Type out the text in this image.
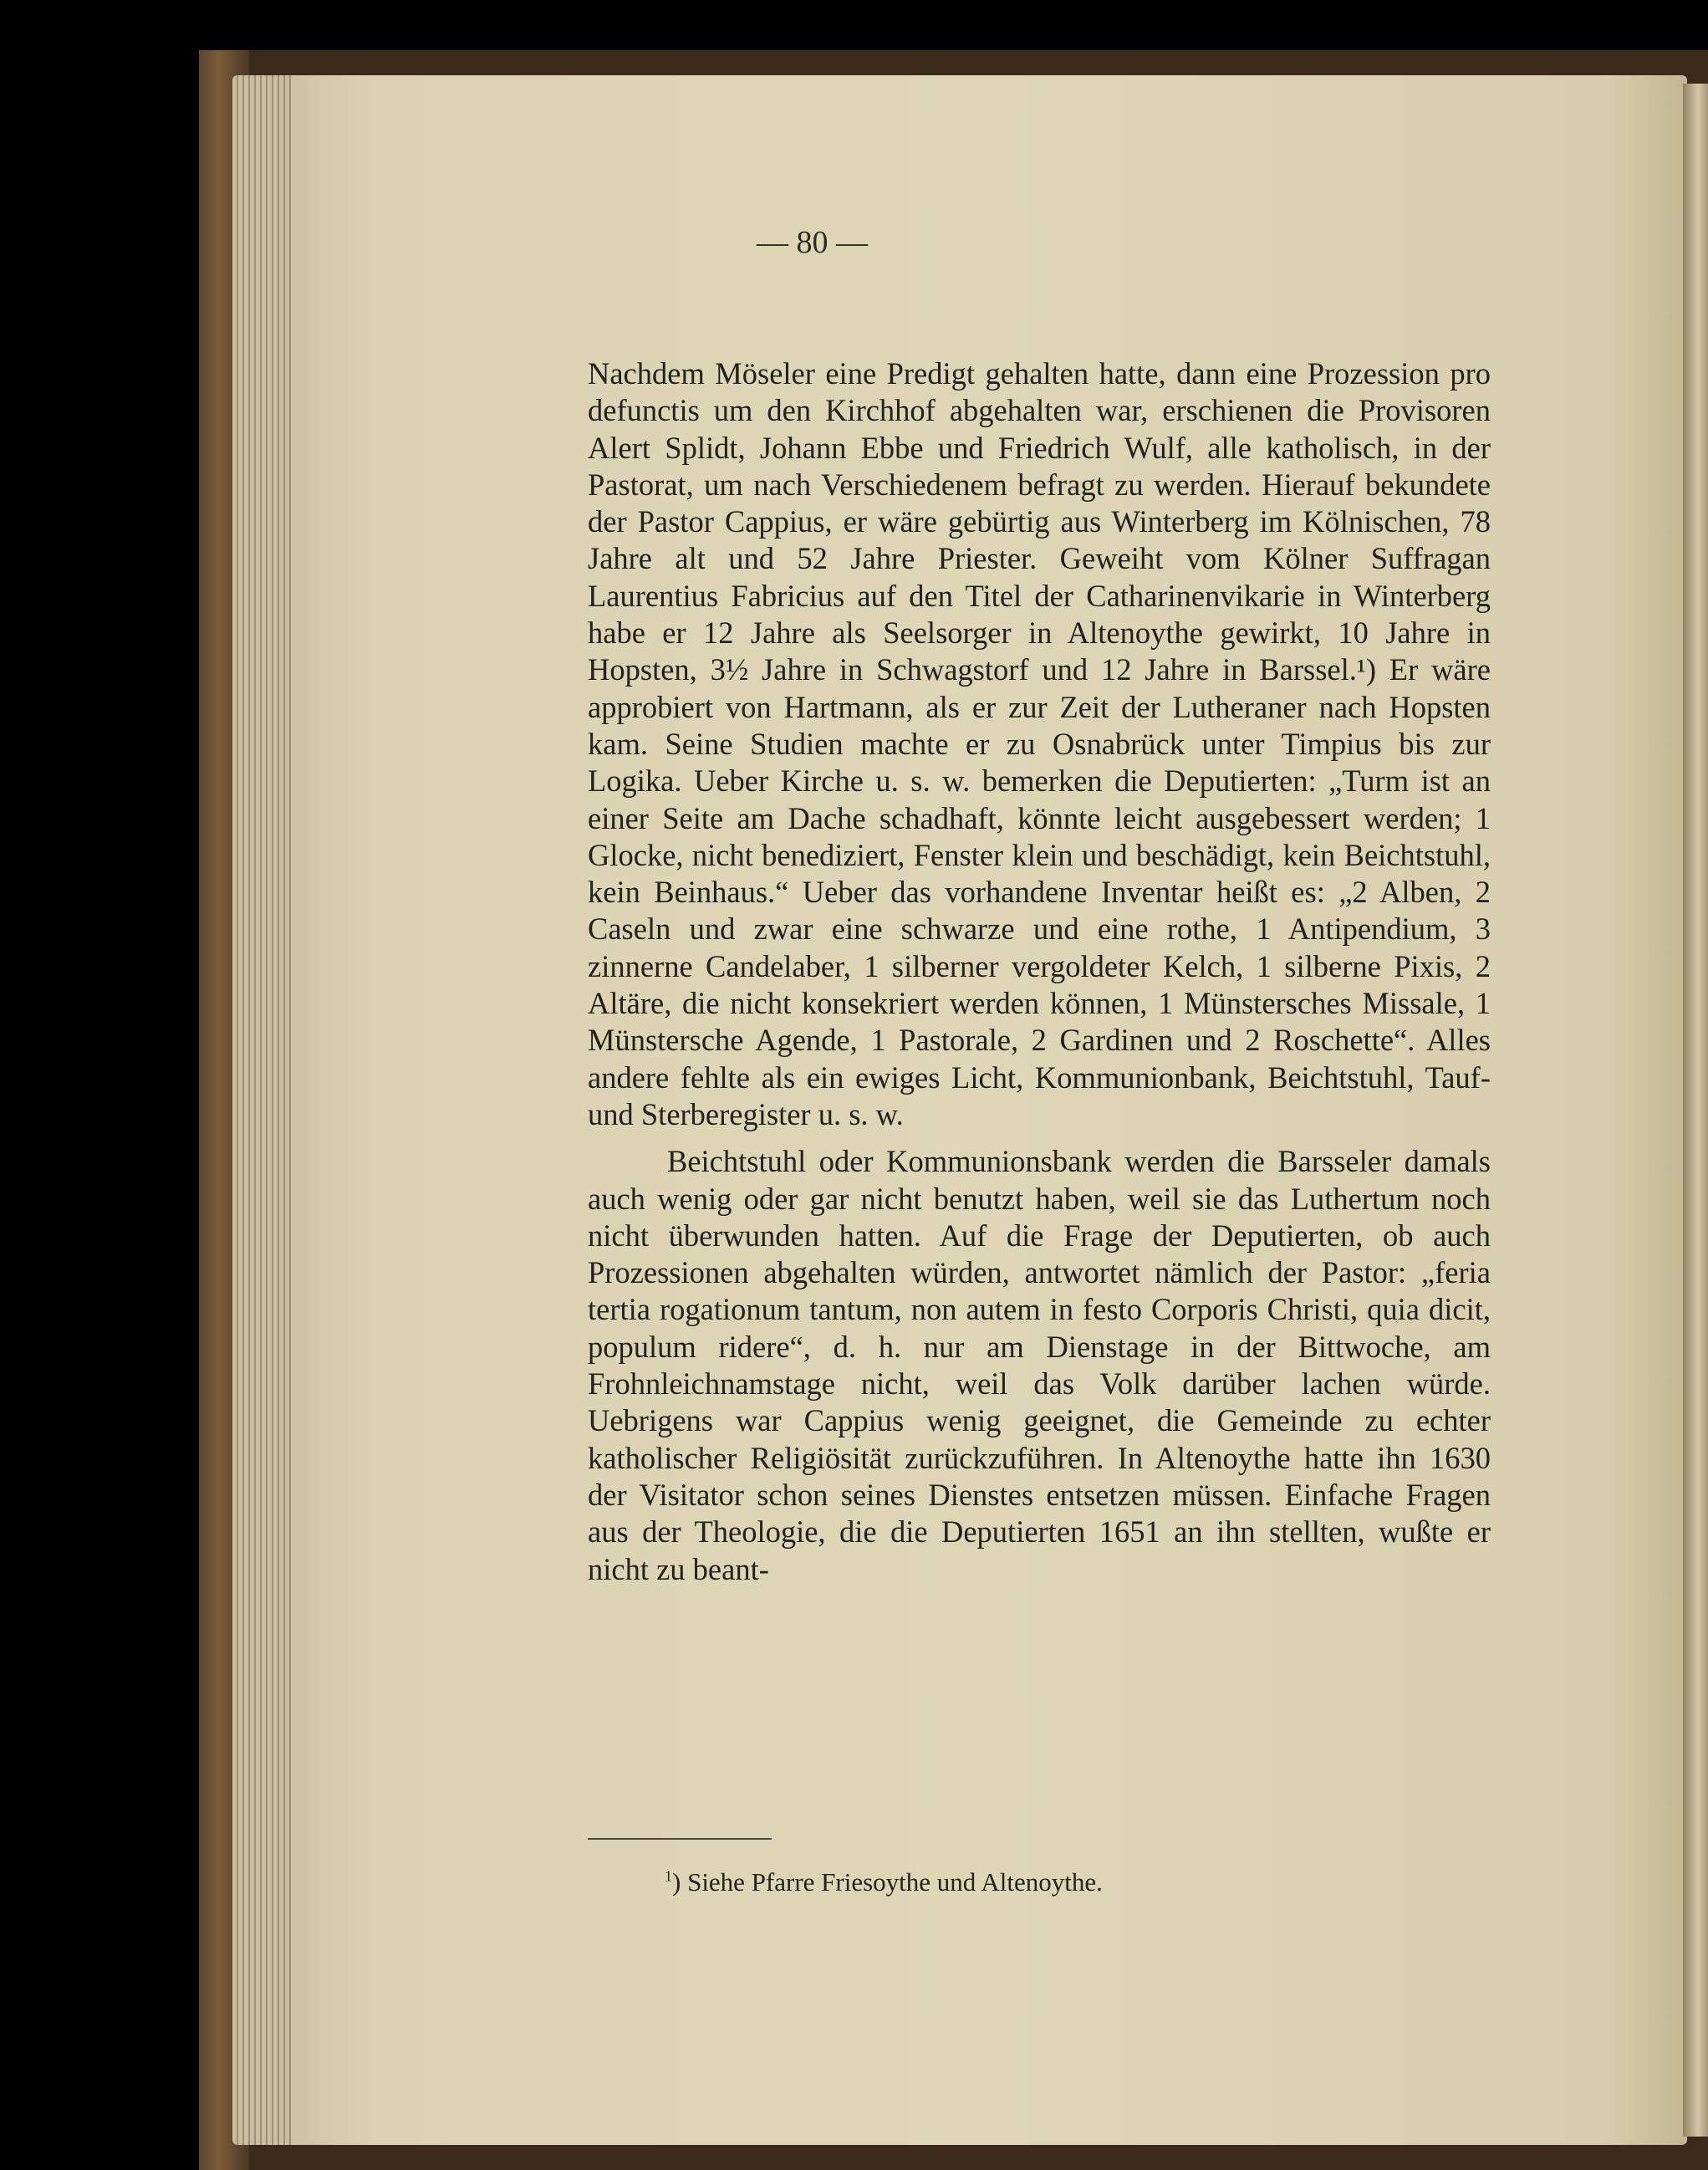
— 80 —

Nachdem Möseler eine Predigt gehalten hatte, dann eine Prozession pro defunctis um den Kirchhof abgehalten war, erschienen die Provisoren Alert Splidt, Johann Ebbe und Friedrich Wulf, alle katholisch, in der Pastorat, um nach Verschiedenem befragt zu werden. Hierauf bekundete der Pastor Cappius, er wäre gebürtig aus Winterberg im Kölnischen, 78 Jahre alt und 52 Jahre Priester. Geweiht vom Kölner Suffragan Laurentius Fabricius auf den Titel der Catharinenvikarie in Winterberg habe er 12 Jahre als Seelsorger in Altenoythe gewirkt, 10 Jahre in Hopsten, 3½ Jahre in Schwagstorf und 12 Jahre in Barssel.¹) Er wäre approbiert von Hartmann, als er zur Zeit der Lutheraner nach Hopsten kam. Seine Studien machte er zu Osnabrück unter Timpius bis zur Logika. Ueber Kirche u. s. w. bemerken die Deputierten: „Turm ist an einer Seite am Dache schadhaft, könnte leicht ausgebessert werden; 1 Glocke, nicht benediziert, Fenster klein und beschädigt, kein Beichtstuhl, kein Beinhaus.“ Ueber das vorhandene Inventar heißt es: „2 Alben, 2 Caseln und zwar eine schwarze und eine rothe, 1 Antipendium, 3 zinnerne Candelaber, 1 silberner vergoldeter Kelch, 1 silberne Pixis, 2 Altäre, die nicht konsekriert werden können, 1 Münstersches Missale, 1 Münstersche Agende, 1 Pastorale, 2 Gardinen und 2 Roschette“. Alles andere fehlte als ein ewiges Licht, Kommunionbank, Beichtstuhl, Tauf- und Sterberegister u. s. w.

Beichtstuhl oder Kommunionsbank werden die Barsseler damals auch wenig oder gar nicht benutzt haben, weil sie das Luthertum noch nicht überwunden hatten. Auf die Frage der Deputierten, ob auch Prozessionen abgehalten würden, antwortet nämlich der Pastor: „feria tertia rogationum tantum, non autem in festo Corporis Christi, quia dicit, populum ridere“, d. h. nur am Dienstage in der Bittwoche, am Frohnleichnamstage nicht, weil das Volk darüber lachen würde. Uebrigens war Cappius wenig geeignet, die Gemeinde zu echter katholischer Religiösität zurückzuführen. In Altenoythe hatte ihn 1630 der Visitator schon seines Dienstes entsetzen müssen. Einfache Fragen aus der Theologie, die die Deputierten 1651 an ihn stellten, wußte er nicht zu beant-

$^1$) Siehe Pfarre Friesoythe und Altenoythe.
